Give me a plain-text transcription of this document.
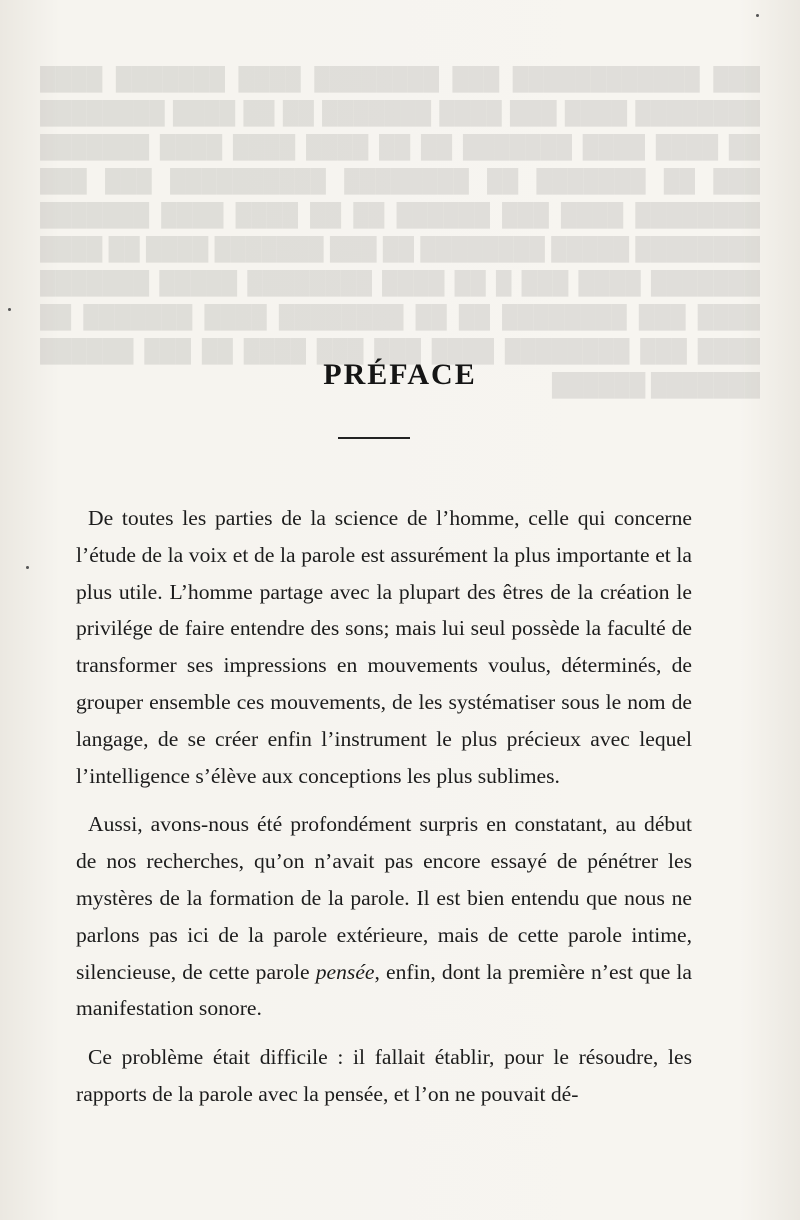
███ ████████████ ███ ████████ ████ ███████ ████ ████████ ████ ███ ████ ███████ ██ ██ ████ ████████ ██ ████ ████ ███████ ██ ██ ████ ████ ████ ███████ ███ ██ ███████ ██ ████████ ██████████ ███ ███ ████████ ████ ███ ██████ ██ ██ ████ ████ ███████ ████████ █████ ████████ ██ ███ ███████ ████ ██ ████ ███████ ████ ███ █ ██ ████ ████████ █████ ███████ ████ ███ ████████ ██ ██ ████████ ████ ███████ ██ ████ ███ ████████ ████ ███ ███ ████ ██ ███ ██████ ███████ ██████
PRÉFACE

De toutes les parties de la science de l’homme, celle qui concerne l’étude de la voix et de la parole est assurément la plus importante et la plus utile. L’homme partage avec la plupart des êtres de la création le privilége de faire entendre des sons; mais lui seul possède la faculté de transformer ses impressions en mouvements voulus, déterminés, de grouper ensemble ces mouvements, de les systématiser sous le nom de langage, de se créer enfin l’instrument le plus précieux avec lequel l’intelligence s’élève aux conceptions les plus sublimes.

Aussi, avons-nous été profondément surpris en constatant, au début de nos recherches, qu’on n’avait pas encore essayé de pénétrer les mystères de la formation de la parole. Il est bien entendu que nous ne parlons pas ici de la parole extérieure, mais de cette parole intime, silencieuse, de cette parole pensée, enfin, dont la première n’est que la manifestation sonore.

Ce problème était difficile : il fallait établir, pour le résoudre, les rapports de la parole avec la pensée, et l’on ne pouvait dé-
